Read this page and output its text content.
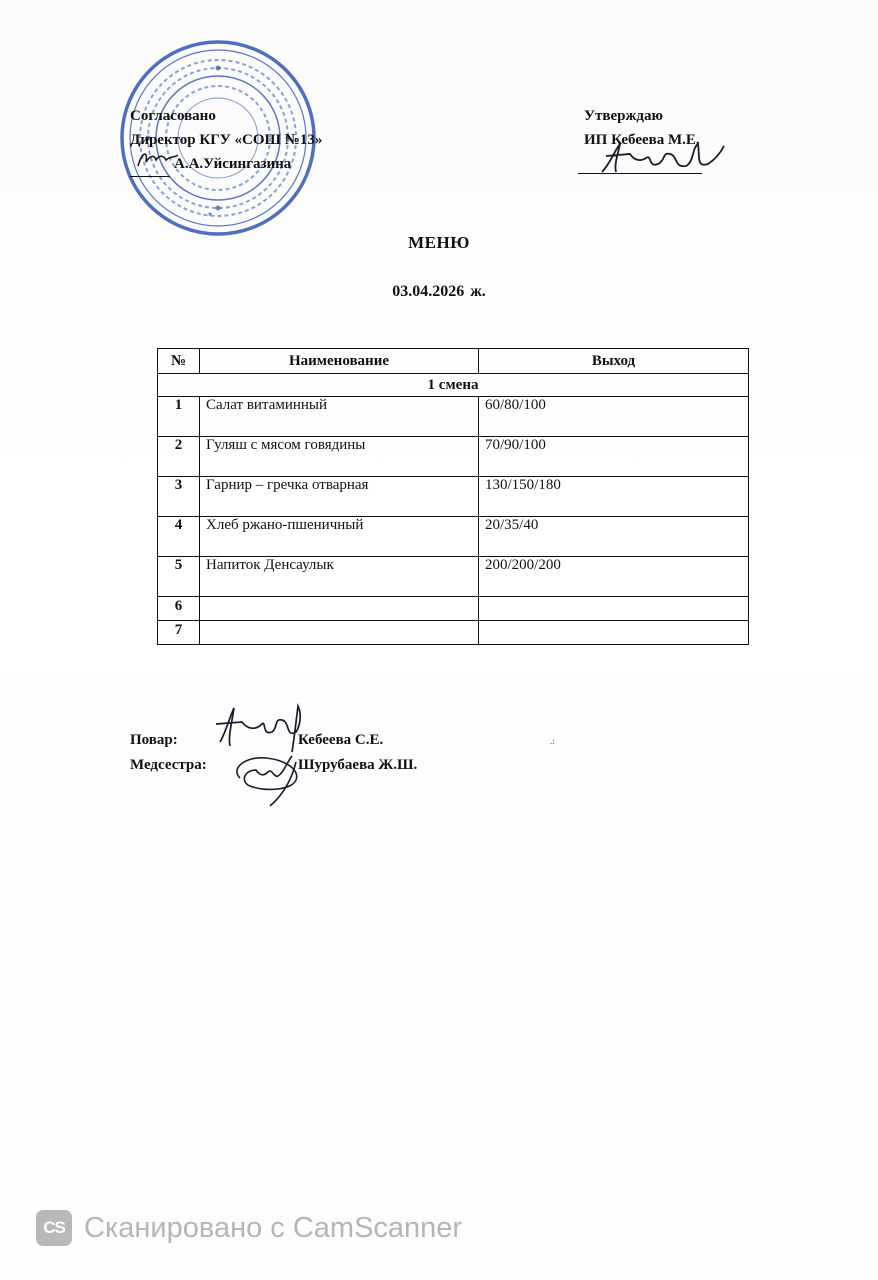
Согласовано
Директор КГУ «СОШ №13»
А.А.Уйсингазина
Утверждаю
ИП Кебеева М.Е.
МЕНЮ
03.04.2026 ж.
№	Наименование	Выход
1 смена		
1	Салат витаминный	60/80/100
2	Гуляш с мясом говядины	70/90/100
3	Гарнир – гречка отварная	130/150/180
4	Хлеб ржано-пшеничный	20/35/40
5	Напиток Денсаулык	200/200/200
6		
7		
Повар:	Кебеева С.Е.
Медсестра:	Шурубаева Ж.Ш.
.:
CS Сканировано с CamScanner
